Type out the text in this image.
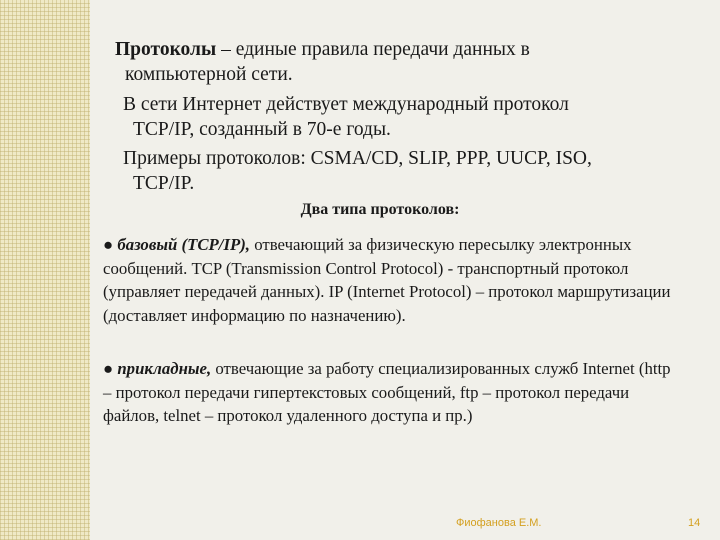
Протоколы – единые правила передачи данных в
компьютерной сети.
В сети Интернет действует международный протокол
TCP/IP, созданный в 70-е годы.
Примеры протоколов: CSMA/CD, SLIP, PPP, UUCP, ISO,
TCP/IP.
Два типа протоколов:
● базовый (TCP/IP), отвечающий за физическую пересылку электронных сообщений. TCP (Transmission Control Protocol) - транспортный протокол (управляет передачей данных). IP (Internet Protocol) – протокол маршрутизации (доставляет информацию по назначению).
● прикладные, отвечающие за работу специализированных служб Internet (http – протокол передачи гипертекстовых сообщений, ftp – протокол передачи файлов, telnet – протокол удаленного доступа и пр.)
Фиофанова Е.М.	14
